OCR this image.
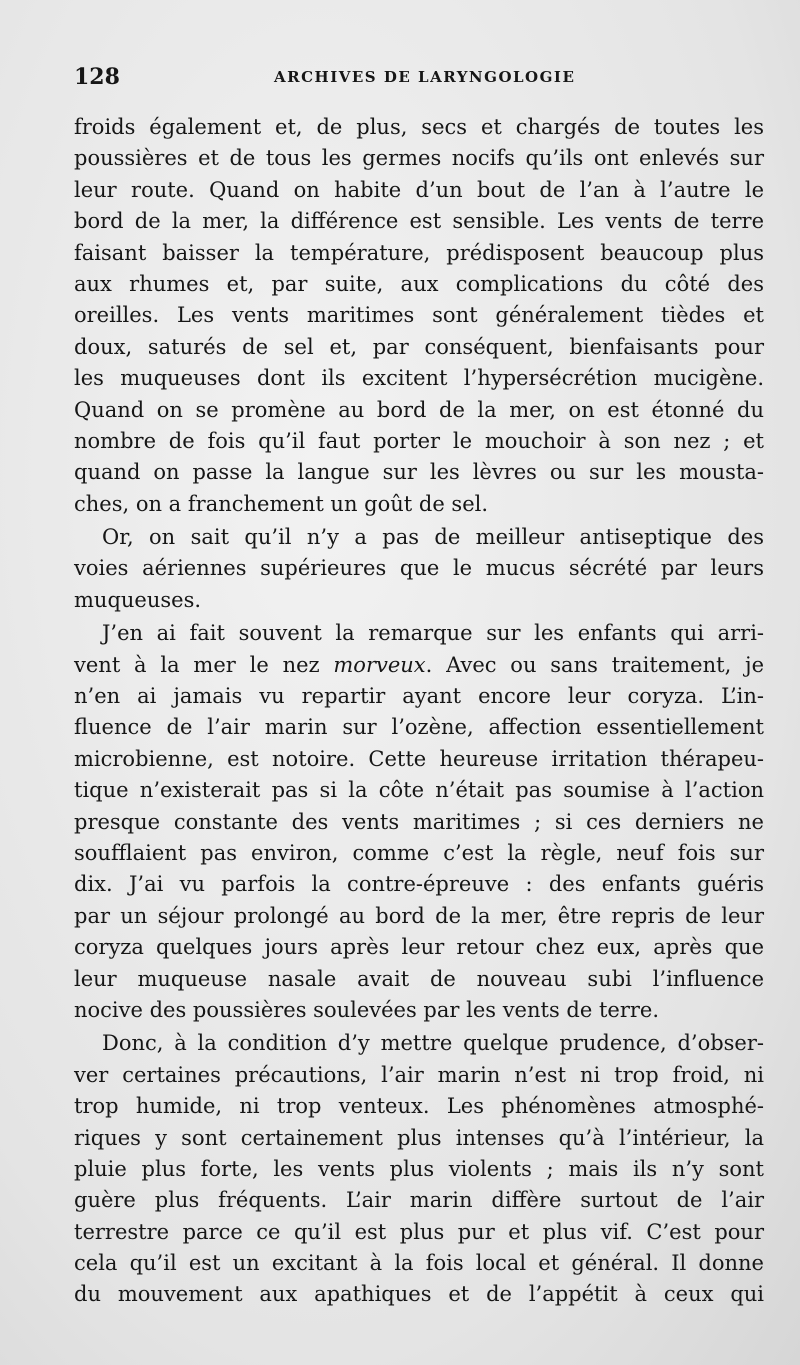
128	ARCHIVES DE LARYNGOLOGIE
froids également et, de plus, secs et chargés de toutes les
poussières et de tous les germes nocifs qu’ils ont enlevés sur
leur route. Quand on habite d’un bout de l’an à l’autre le
bord de la mer, la différence est sensible. Les vents de terre
faisant baisser la température, prédisposent beaucoup plus
aux rhumes et, par suite, aux complications du côté des
oreilles. Les vents maritimes sont généralement tièdes et
doux, saturés de sel et, par conséquent, bienfaisants pour
les muqueuses dont ils excitent l’hypersécrétion mucigène.
Quand on se promène au bord de la mer, on est étonné du
nombre de fois qu’il faut porter le mouchoir à son nez ; et
quand on passe la langue sur les lèvres ou sur les mousta-
ches, on a franchement un goût de sel.
Or, on sait qu’il n’y a pas de meilleur antiseptique des
voies aériennes supérieures que le mucus sécrété par leurs
muqueuses.
J’en ai fait souvent la remarque sur les enfants qui arri-
vent à la mer le nez morveux. Avec ou sans traitement, je
n’en ai jamais vu repartir ayant encore leur coryza. L’in-
fluence de l’air marin sur l’ozène, affection essentiellement
microbienne, est notoire. Cette heureuse irritation thérapeu-
tique n’existerait pas si la côte n’était pas soumise à l’action
presque constante des vents maritimes ; si ces derniers ne
soufflaient pas environ, comme c’est la règle, neuf fois sur
dix. J’ai vu parfois la contre-épreuve : des enfants guéris
par un séjour prolongé au bord de la mer, être repris de leur
coryza quelques jours après leur retour chez eux, après que
leur muqueuse nasale avait de nouveau subi l’influence
nocive des poussières soulevées par les vents de terre.
Donc, à la condition d’y mettre quelque prudence, d’obser-
ver certaines précautions, l’air marin n’est ni trop froid, ni
trop humide, ni trop venteux. Les phénomènes atmosphé-
riques y sont certainement plus intenses qu’à l’intérieur, la
pluie plus forte, les vents plus violents ; mais ils n’y sont
guère plus fréquents. L’air marin diffère surtout de l’air
terrestre parce ce qu’il est plus pur et plus vif. C’est pour
cela qu’il est un excitant à la fois local et général. Il donne
du mouvement aux apathiques et de l’appétit à ceux qui
